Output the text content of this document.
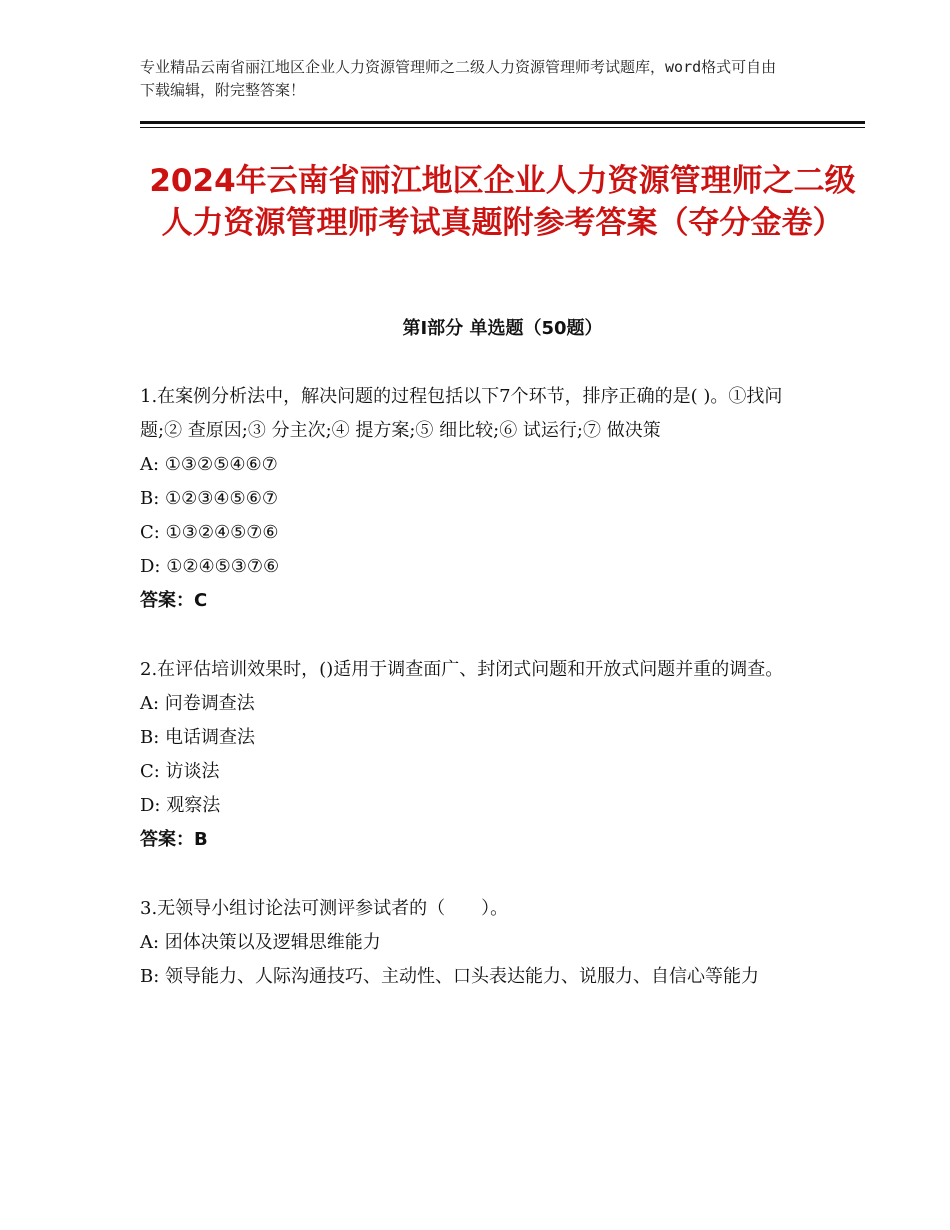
专业精品云南省丽江地区企业人力资源管理师之二级人力资源管理师考试题库，word格式可自由下载编辑，附完整答案！
2024年云南省丽江地区企业人力资源管理师之二级人力资源管理师考试真题附参考答案（夺分金卷）
第Ⅰ部分 单选题（50题）
1.在案例分析法中，解决问题的过程包括以下7个环节，排序正确的是( )。①找问题;② 查原因;③ 分主次;④ 提方案;⑤ 细比较;⑥ 试运行;⑦ 做决策
A: ①③②⑤④⑥⑦
B: ①②③④⑤⑥⑦
C: ①③②④⑤⑦⑥
D: ①②④⑤③⑦⑥
答案：C
2.在评估培训效果时，()适用于调查面广、封闭式问题和开放式问题并重的调查。
A: 问卷调查法
B: 电话调查法
C: 访谈法
D: 观察法
答案：B
3.无领导小组讨论法可测评参试者的（　　）。
A: 团体决策以及逻辑思维能力
B: 领导能力、人际沟通技巧、主动性、口头表达能力、说服力、自信心等能力
